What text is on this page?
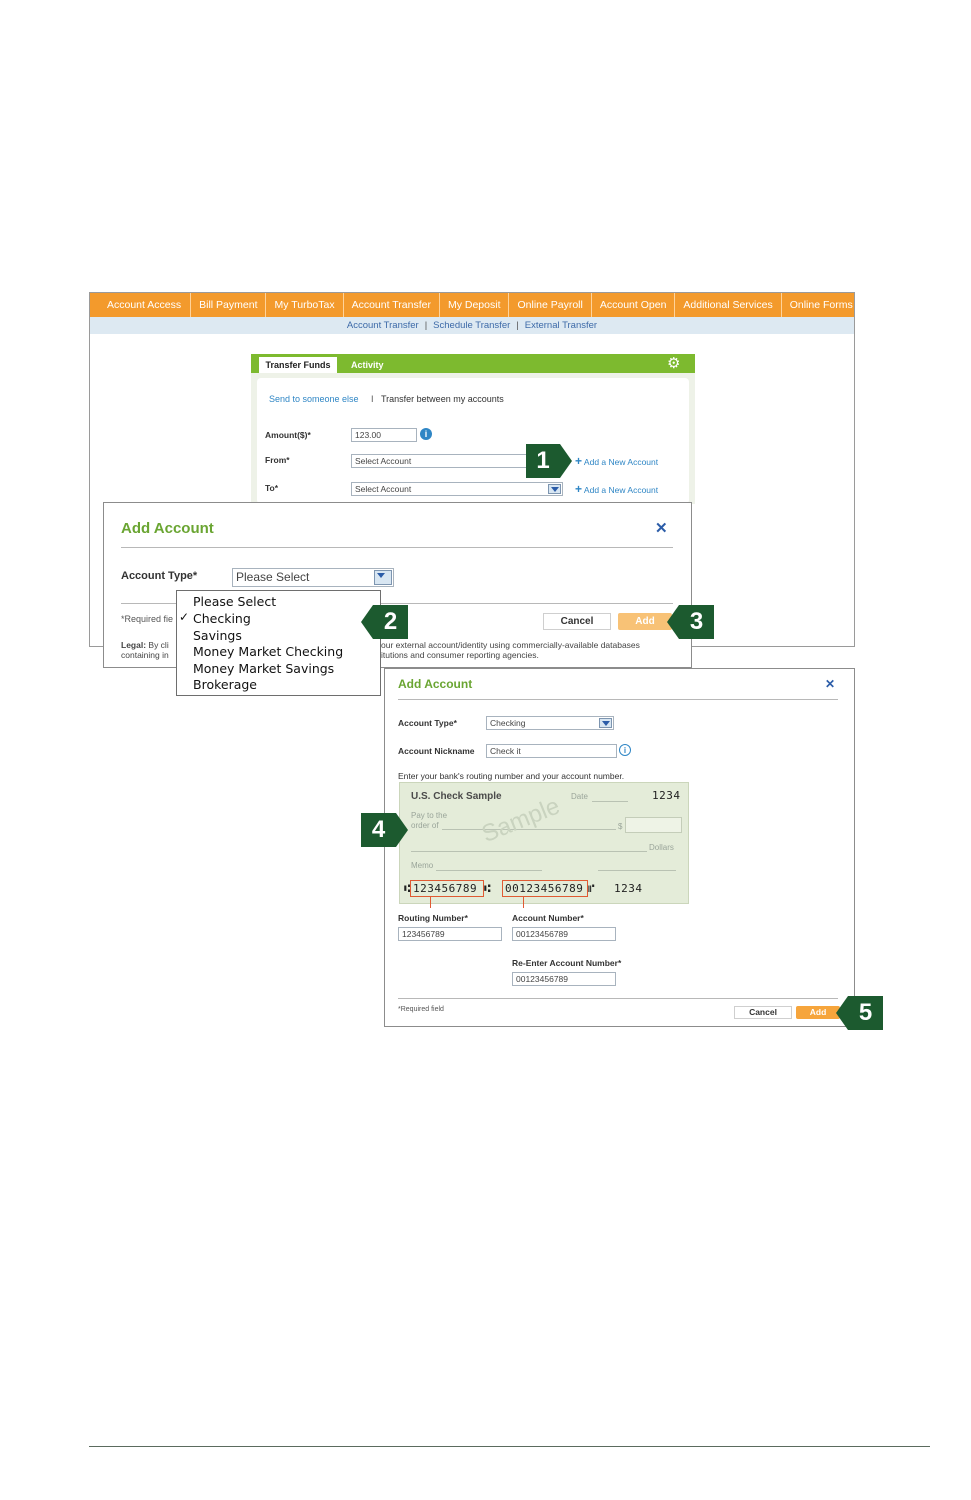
Account Access	Bill Payment	My TurboTax	Account Transfer	My Deposit	Online Payroll	Account Open	Additional Services	Online Forms
Account Transfer | Schedule Transfer | External Transfer
Transfer Funds	Activity	⚙
Send to someone else I Transfer between my accounts
Amount($)*	123.00	i
From*	Select Account	+ Add a New Account
To*	Select Account	+ Add a New Account
Add Account	✕
Account Type*	Please Select
*Required fie	Cancel	Add
Legal: By cli	our external account/identity using commercially-available databases
containing in	itutions and consumer reporting agencies.
Please Select
✓ Checking
Savings
Money Market Checking
Money Market Savings
Brokerage	Add Account	✕
Account Type*	Checking
Account Nickname	Check it	i
Enter your bank's routing number and your account number.
U.S. Check Sample	Date	1234
Pay to the
order of	$
Dollars
Memo
Sample
⑆ 123456789 ⑆ 00123456789 ⑈ 1234
Routing Number*
123456789
Account Number*
00123456789
Re-Enter Account Number*
00123456789
*Required field	Cancel	Add
1
2	3
4
5
